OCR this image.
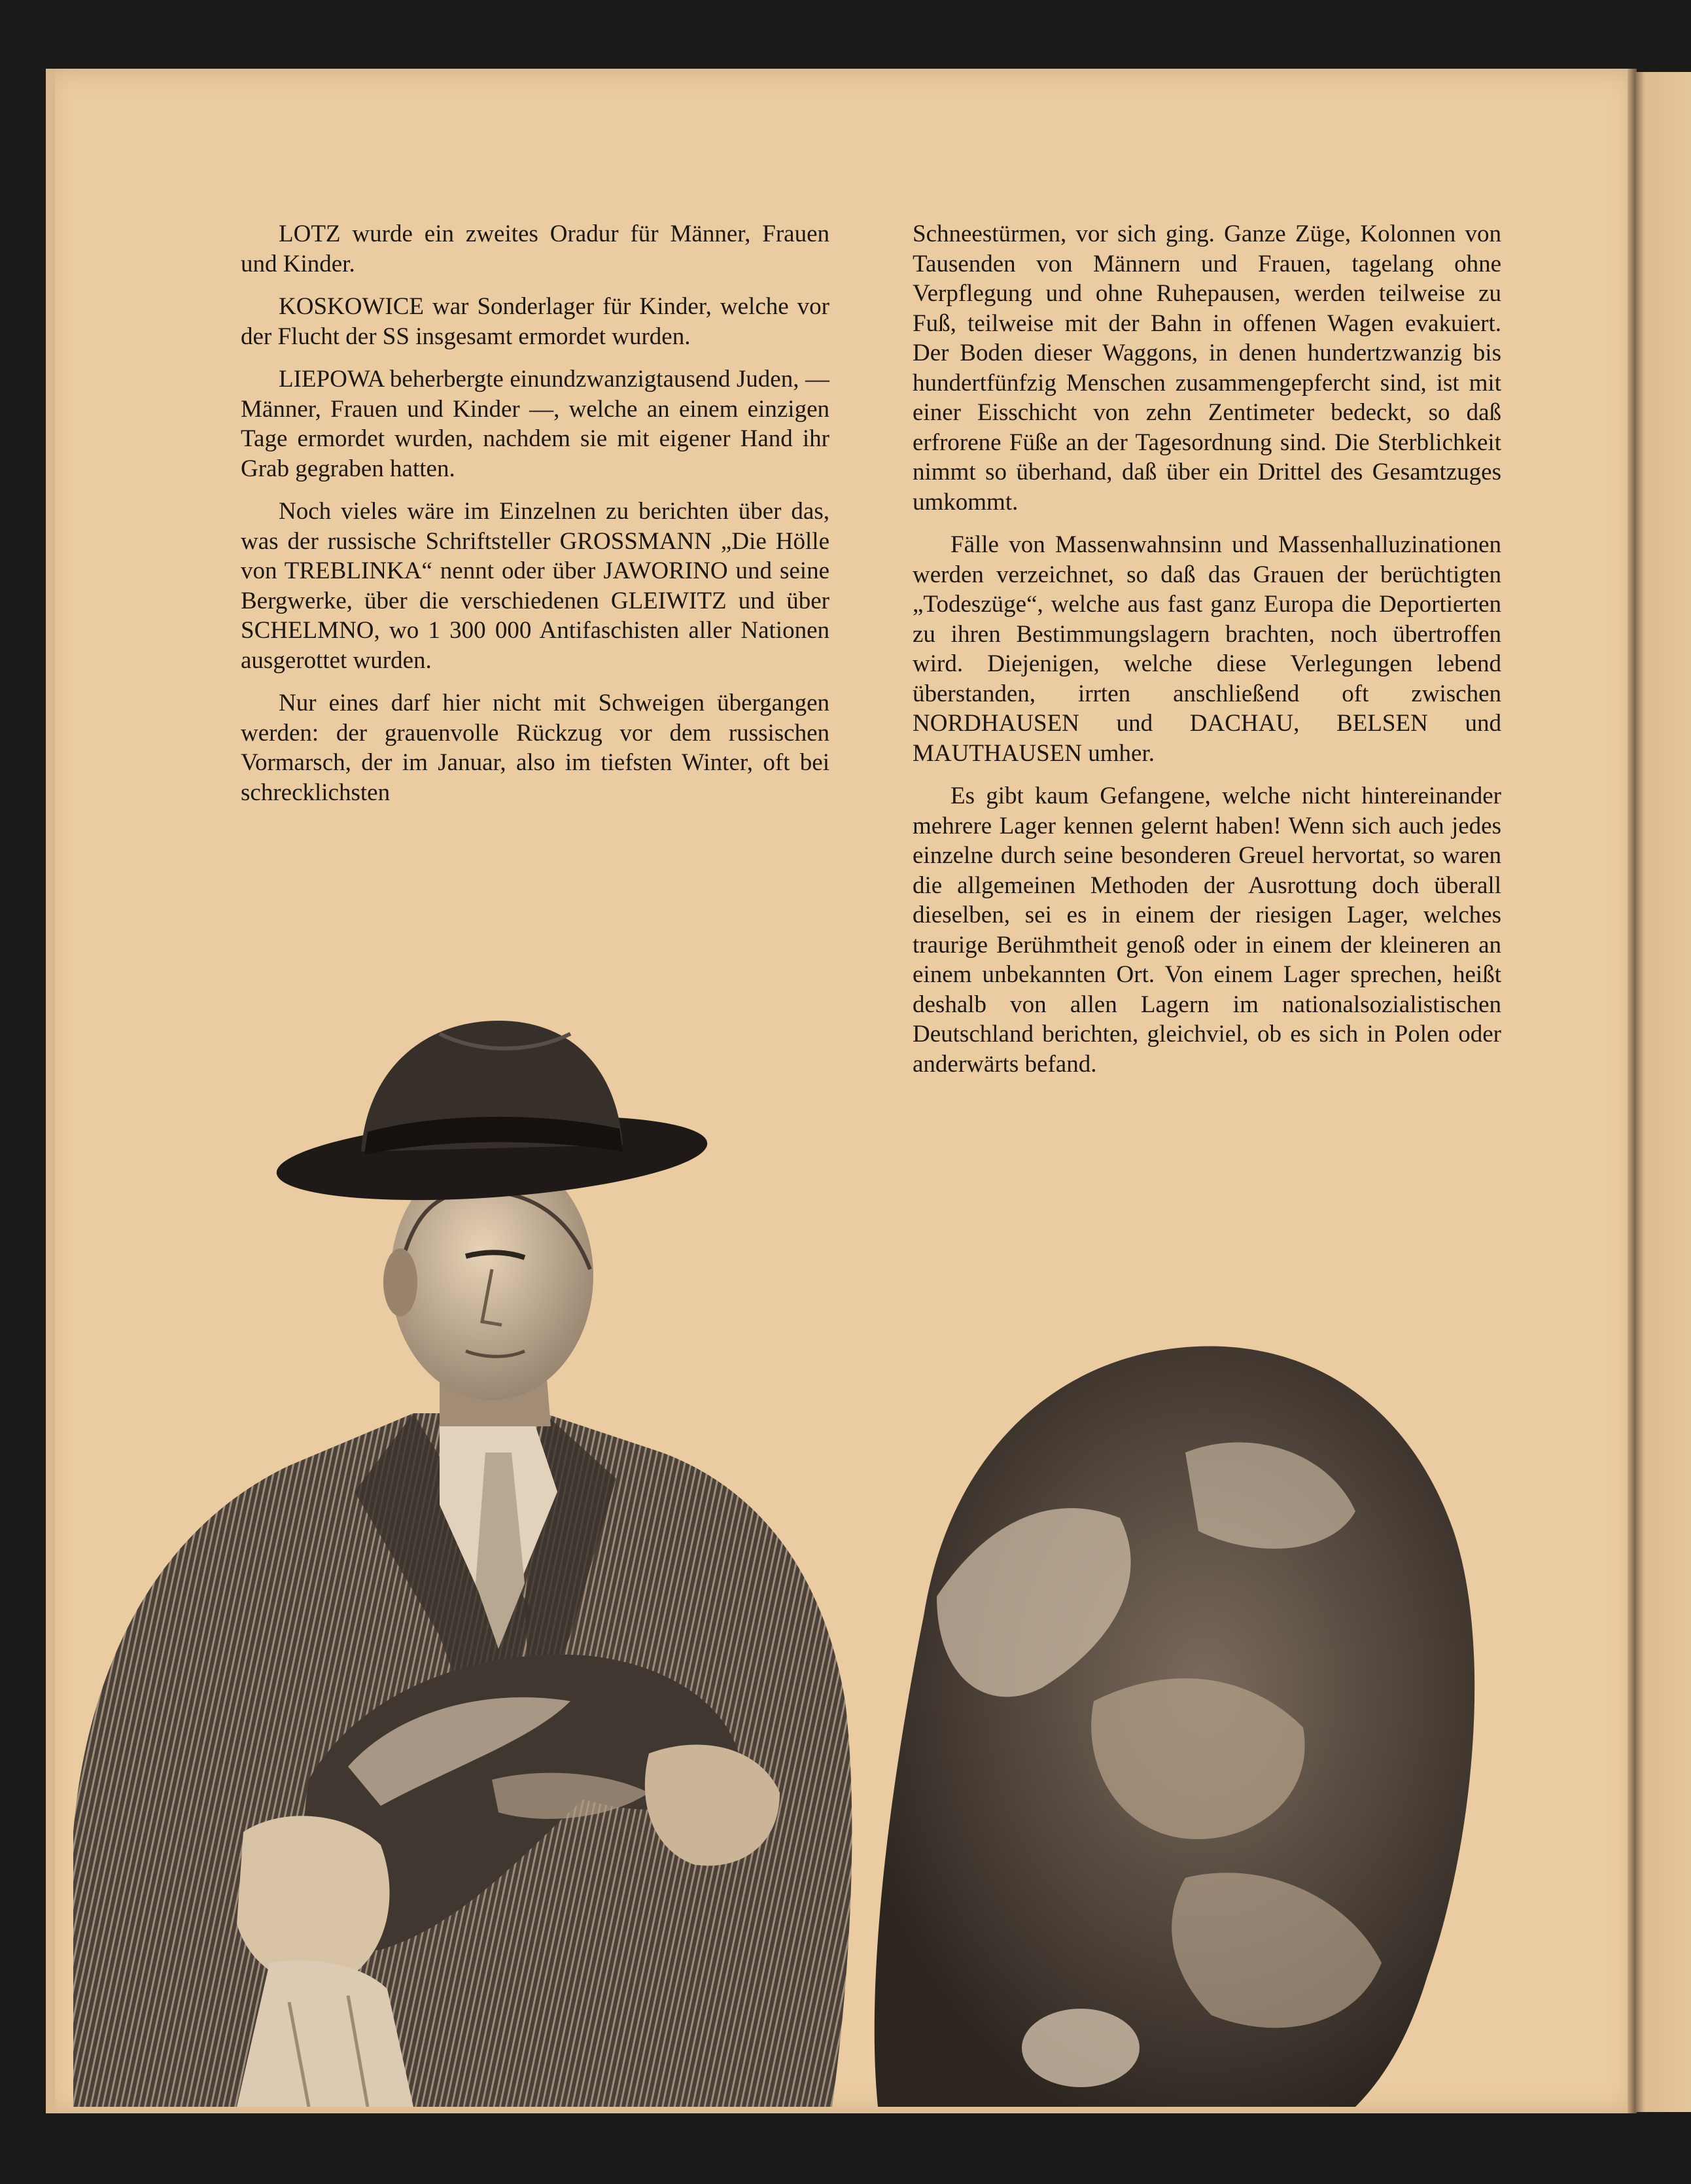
LOTZ wurde ein zweites Oradur für Männer, Frauen und Kinder.

KOSKOWICE war Sonderlager für Kinder, welche vor der Flucht der SS insgesamt ermordet wurden.

LIEPOWA beherbergte einundzwanzigtausend Juden, — Männer, Frauen und Kinder —, welche an einem einzigen Tage ermordet wurden, nachdem sie mit eigener Hand ihr Grab gegraben hatten.

Noch vieles wäre im Einzelnen zu berichten über das, was der russische Schriftsteller GROSSMANN „Die Hölle von TREBLINKA“ nennt oder über JAWORINO und seine Bergwerke, über die verschiedenen GLEIWITZ und über SCHELMNO, wo 1 300 000 Antifaschisten aller Nationen ausgerottet wurden.

Nur eines darf hier nicht mit Schweigen übergangen werden: der grauenvolle Rückzug vor dem russischen Vormarsch, der im Januar, also im tiefsten Winter, oft bei schrecklichsten

Schneestürmen, vor sich ging. Ganze Züge, Kolonnen von Tausenden von Männern und Frauen, tagelang ohne Verpflegung und ohne Ruhepausen, werden teilweise zu Fuß, teilweise mit der Bahn in offenen Wagen evakuiert. Der Boden dieser Waggons, in denen hundertzwanzig bis hundertfünfzig Menschen zusammengepfercht sind, ist mit einer Eisschicht von zehn Zentimeter bedeckt, so daß erfrorene Füße an der Tagesordnung sind. Die Sterblichkeit nimmt so überhand, daß über ein Drittel des Gesamtzuges umkommt.

Fälle von Massenwahnsinn und Massenhalluzinationen werden verzeichnet, so daß das Grauen der berüchtigten „Todeszüge“, welche aus fast ganz Europa die Deportierten zu ihren Bestimmungslagern brachten, noch übertroffen wird. Diejenigen, welche diese Verlegungen lebend überstanden, irrten anschließend oft zwischen NORDHAUSEN und DACHAU, BELSEN und MAUTHAUSEN umher.

Es gibt kaum Gefangene, welche nicht hintereinander mehrere Lager kennen gelernt haben! Wenn sich auch jedes einzelne durch seine besonderen Greuel hervortat, so waren die allgemeinen Methoden der Ausrottung doch überall dieselben, sei es in einem der riesigen Lager, welches traurige Berühmtheit genoß oder in einem der kleineren an einem unbekannten Ort. Von einem Lager sprechen, heißt deshalb von allen Lagern im nationalsozialistischen Deutschland berichten, gleichviel, ob es sich in Polen oder anderwärts befand.
